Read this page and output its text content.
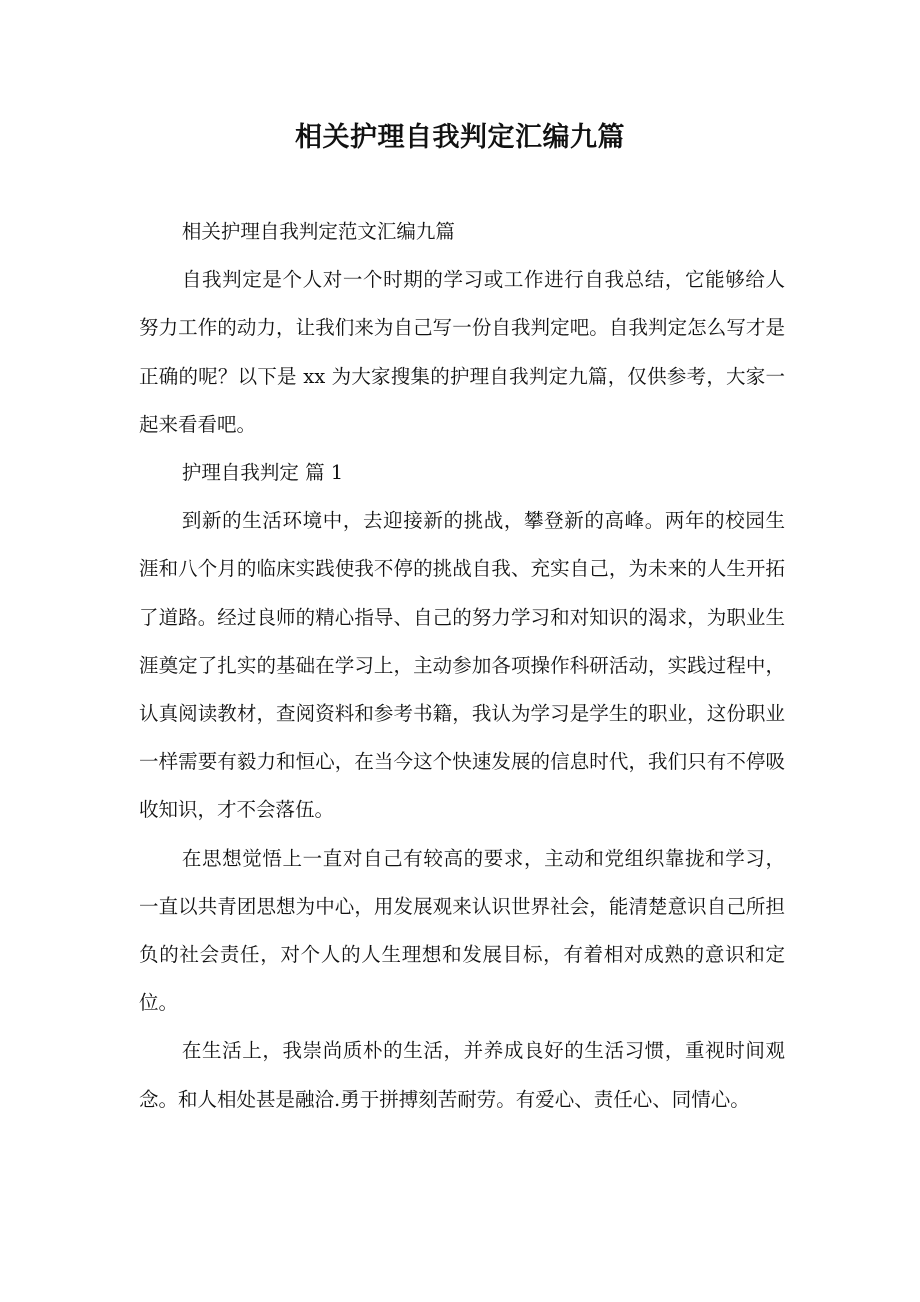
相关护理自我判定汇编九篇

相关护理自我判定范文汇编九篇

自我判定是个人对一个时期的学习或工作进行自我总结，它能够给人努力工作的动力，让我们来为自己写一份自我判定吧。自我判定怎么写才是正确的呢？以下是 xx 为大家搜集的护理自我判定九篇，仅供参考，大家一起来看看吧。

护理自我判定 篇 1

到新的生活环境中，去迎接新的挑战，攀登新的高峰。两年的校园生涯和八个月的临床实践使我不停的挑战自我、充实自己，为未来的人生开拓了道路。经过良师的精心指导、自己的努力学习和对知识的渴求，为职业生涯奠定了扎实的基础在学习上，主动参加各项操作科研活动，实践过程中，认真阅读教材，查阅资料和参考书籍，我认为学习是学生的职业，这份职业一样需要有毅力和恒心，在当今这个快速发展的信息时代，我们只有不停吸收知识，才不会落伍。

在思想觉悟上一直对自己有较高的要求，主动和党组织靠拢和学习，一直以共青团思想为中心，用发展观来认识世界社会，能清楚意识自己所担负的社会责任，对个人的人生理想和发展目标，有着相对成熟的意识和定位。

在生活上，我崇尚质朴的生活，并养成良好的生活习惯，重视时间观念。和人相处甚是融洽.勇于拼搏刻苦耐劳。有爱心、责任心、同情心。
